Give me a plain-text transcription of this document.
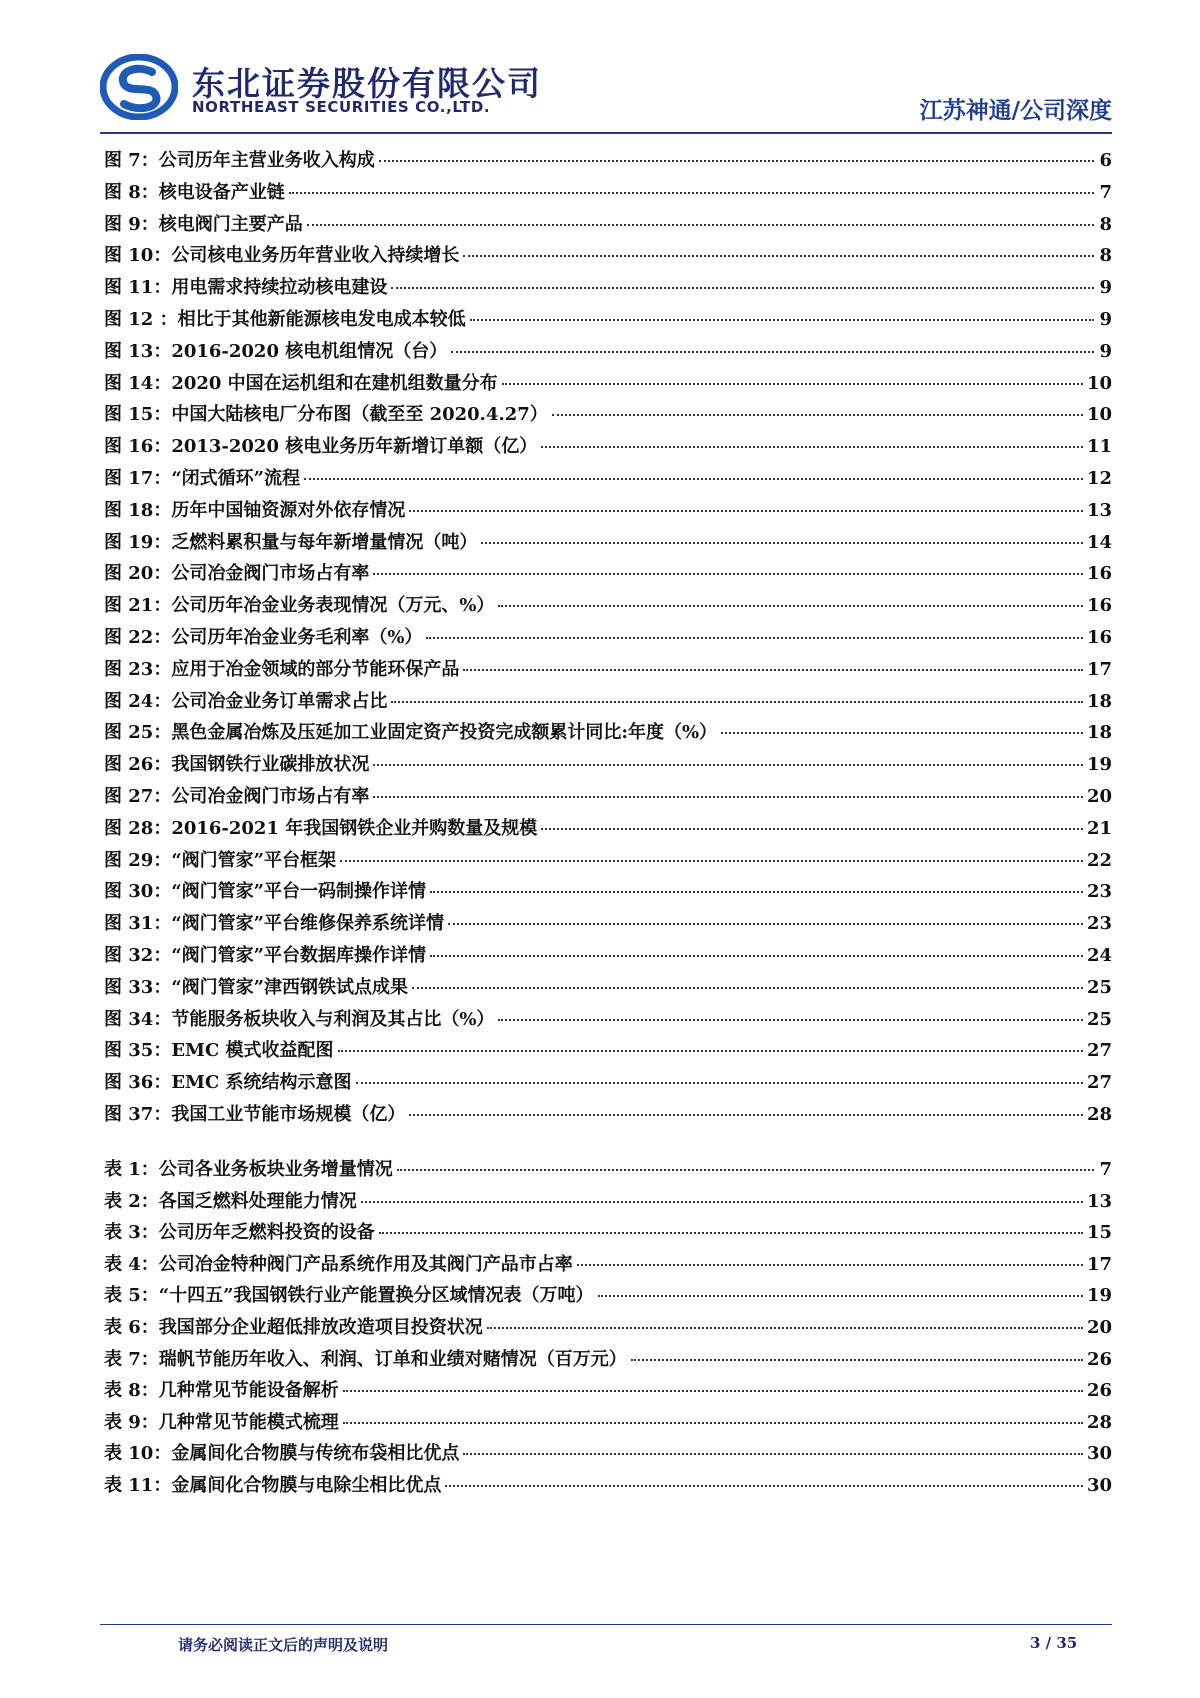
东北证券股份有限公司
NORTHEAST SECURITIES CO.,LTD.	江苏神通/公司深度
图 7：公司历年主营业务收入构成	6
图 8：核电设备产业链	7
图 9：核电阀门主要产品	8
图 10：公司核电业务历年营业收入持续增长	8
图 11：用电需求持续拉动核电建设	9
图 12 ：相比于其他新能源核电发电成本较低	9
图 13：2016-2020 核电机组情况（台）	9
图 14：2020 中国在运机组和在建机组数量分布	10
图 15：中国大陆核电厂分布图（截至至 2020.4.27）	10
图 16：2013-2020 核电业务历年新增订单额（亿）	11
图 17：“闭式循环”流程	12
图 18：历年中国铀资源对外依存情况	13
图 19：乏燃料累积量与每年新增量情况（吨）	14
图 20：公司冶金阀门市场占有率	16
图 21：公司历年冶金业务表现情况（万元、%）	16
图 22：公司历年冶金业务毛利率（%）	16
图 23：应用于冶金领域的部分节能环保产品	17
图 24：公司冶金业务订单需求占比	18
图 25：黑色金属冶炼及压延加工业固定资产投资完成额累计同比:年度（%）	18
图 26：我国钢铁行业碳排放状况	19
图 27：公司冶金阀门市场占有率	20
图 28：2016-2021 年我国钢铁企业并购数量及规模	21
图 29：“阀门管家”平台框架	22
图 30：“阀门管家”平台一码制操作详情	23
图 31：“阀门管家”平台维修保养系统详情	23
图 32：“阀门管家”平台数据库操作详情	24
图 33：“阀门管家”津西钢铁试点成果	25
图 34：节能服务板块收入与利润及其占比（%）	25
图 35：EMC 模式收益配图	27
图 36：EMC 系统结构示意图	27
图 37：我国工业节能市场规模（亿）	28
表 1：公司各业务板块业务增量情况	7
表 2：各国乏燃料处理能力情况	13
表 3：公司历年乏燃料投资的设备	15
表 4：公司冶金特种阀门产品系统作用及其阀门产品市占率	17
表 5：“十四五”我国钢铁行业产能置换分区域情况表（万吨）	19
表 6：我国部分企业超低排放改造项目投资状况	20
表 7：瑞帆节能历年收入、利润、订单和业绩对赌情况（百万元）	26
表 8：几种常见节能设备解析	26
表 9：几种常见节能模式梳理	28
表 10：金属间化合物膜与传统布袋相比优点	30
表 11：金属间化合物膜与电除尘相比优点	30
请务必阅读正文后的声明及说明	3 / 35
